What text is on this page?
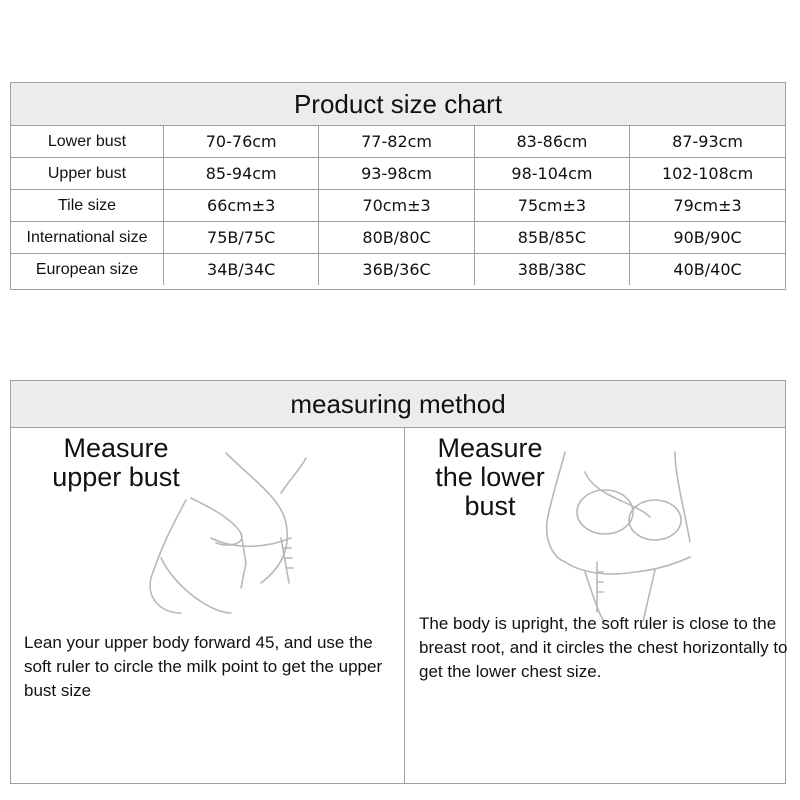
Product size chart
Lower bust	70-76cm	77-82cm	83-86cm	87-93cm
Upper bust	85-94cm	93-98cm	98-104cm	102-108cm
Tile size	66cm±3	70cm±3	75cm±3	79cm±3
International size	75B/75C	80B/80C	85B/85C	90B/90C
European size	34B/34C	36B/36C	38B/38C	40B/40C
measuring method
Measure
upper bust
Lean your upper body forward 45, and use the soft ruler to circle the milk point to get the upper bust size
Measure
the lower
bust
The body is upright, the soft ruler is close to the breast root, and it circles the chest horizontally to get the lower chest size.
